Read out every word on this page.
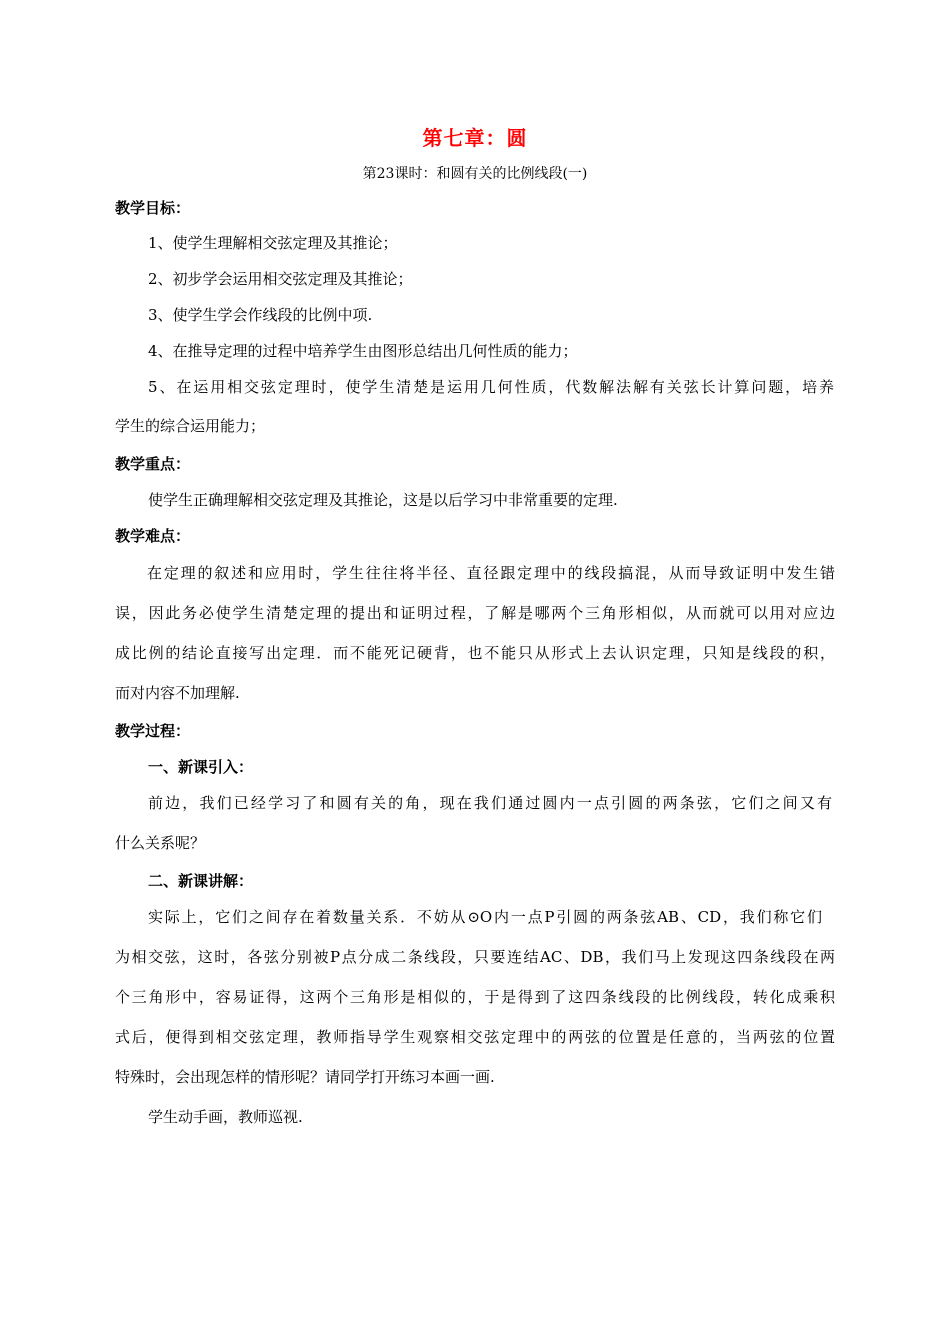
第七章：圆
第23课时：和圆有关的比例线段(一)
教学目标：
1、使学生理解相交弦定理及其推论；
2、初步学会运用相交弦定理及其推论；
3、使学生学会作线段的比例中项.
4、在推导定理的过程中培养学生由图形总结出几何性质的能力；
5、在运用相交弦定理时，使学生清楚是运用几何性质，代数解法解有关弦长计算问题，培养
学生的综合运用能力；
教学重点：
使学生正确理解相交弦定理及其推论，这是以后学习中非常重要的定理.
教学难点：
在定理的叙述和应用时，学生往往将半径、直径跟定理中的线段搞混，从而导致证明中发生错
误，因此务必使学生清楚定理的提出和证明过程，了解是哪两个三角形相似，从而就可以用对应边
成比例的结论直接写出定理．而不能死记硬背，也不能只从形式上去认识定理，只知是线段的积，
而对内容不加理解.
教学过程：
一、新课引入：
前边，我们已经学习了和圆有关的角，现在我们通过圆内一点引圆的两条弦，它们之间又有
什么关系呢？
二、新课讲解：
实际上，它们之间存在着数量关系．不妨从⊙O内一点P引圆的两条弦AB、CD，我们称它们
为相交弦，这时，各弦分别被P点分成二条线段，只要连结AC、DB，我们马上发现这四条线段在两
个三角形中，容易证得，这两个三角形是相似的，于是得到了这四条线段的比例线段，转化成乘积
式后，便得到相交弦定理，教师指导学生观察相交弦定理中的两弦的位置是任意的，当两弦的位置
特殊时，会出现怎样的情形呢？请同学打开练习本画一画.
学生动手画，教师巡视.
